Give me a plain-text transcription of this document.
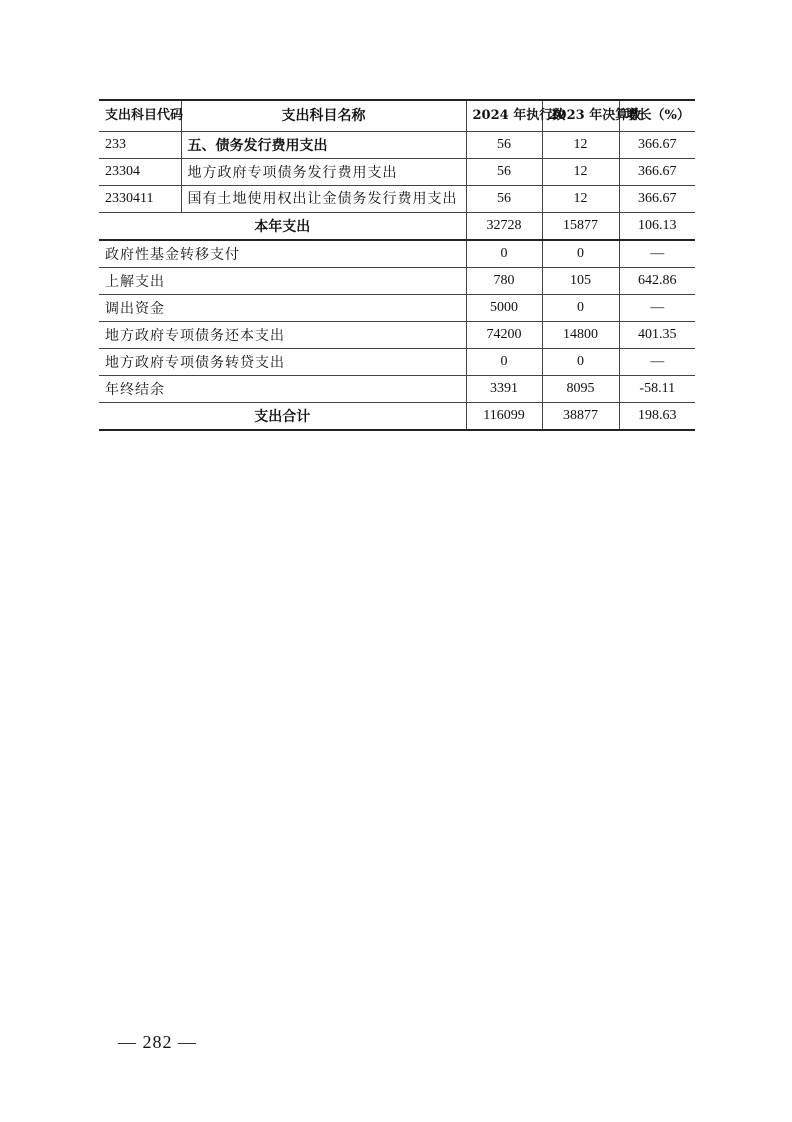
支出科目代码	支出科目名称	2024 年执行数	2023 年决算数	增长（%）
233	五、债务发行费用支出	56	12	366.67
23304	地方政府专项债务发行费用支出	56	12	366.67
2330411	国有土地使用权出让金债务发行费用支出	56	12	366.67
本年支出		32728	15877	106.13
政府性基金转移支付		0	0	—
上解支出		780	105	642.86
调出资金		5000	0	—
地方政府专项债务还本支出		74200	14800	401.35
地方政府专项债务转贷支出		0	0	—
年终结余		3391	8095	-58.11
支出合计		116099	38877	198.63
— 282 —
